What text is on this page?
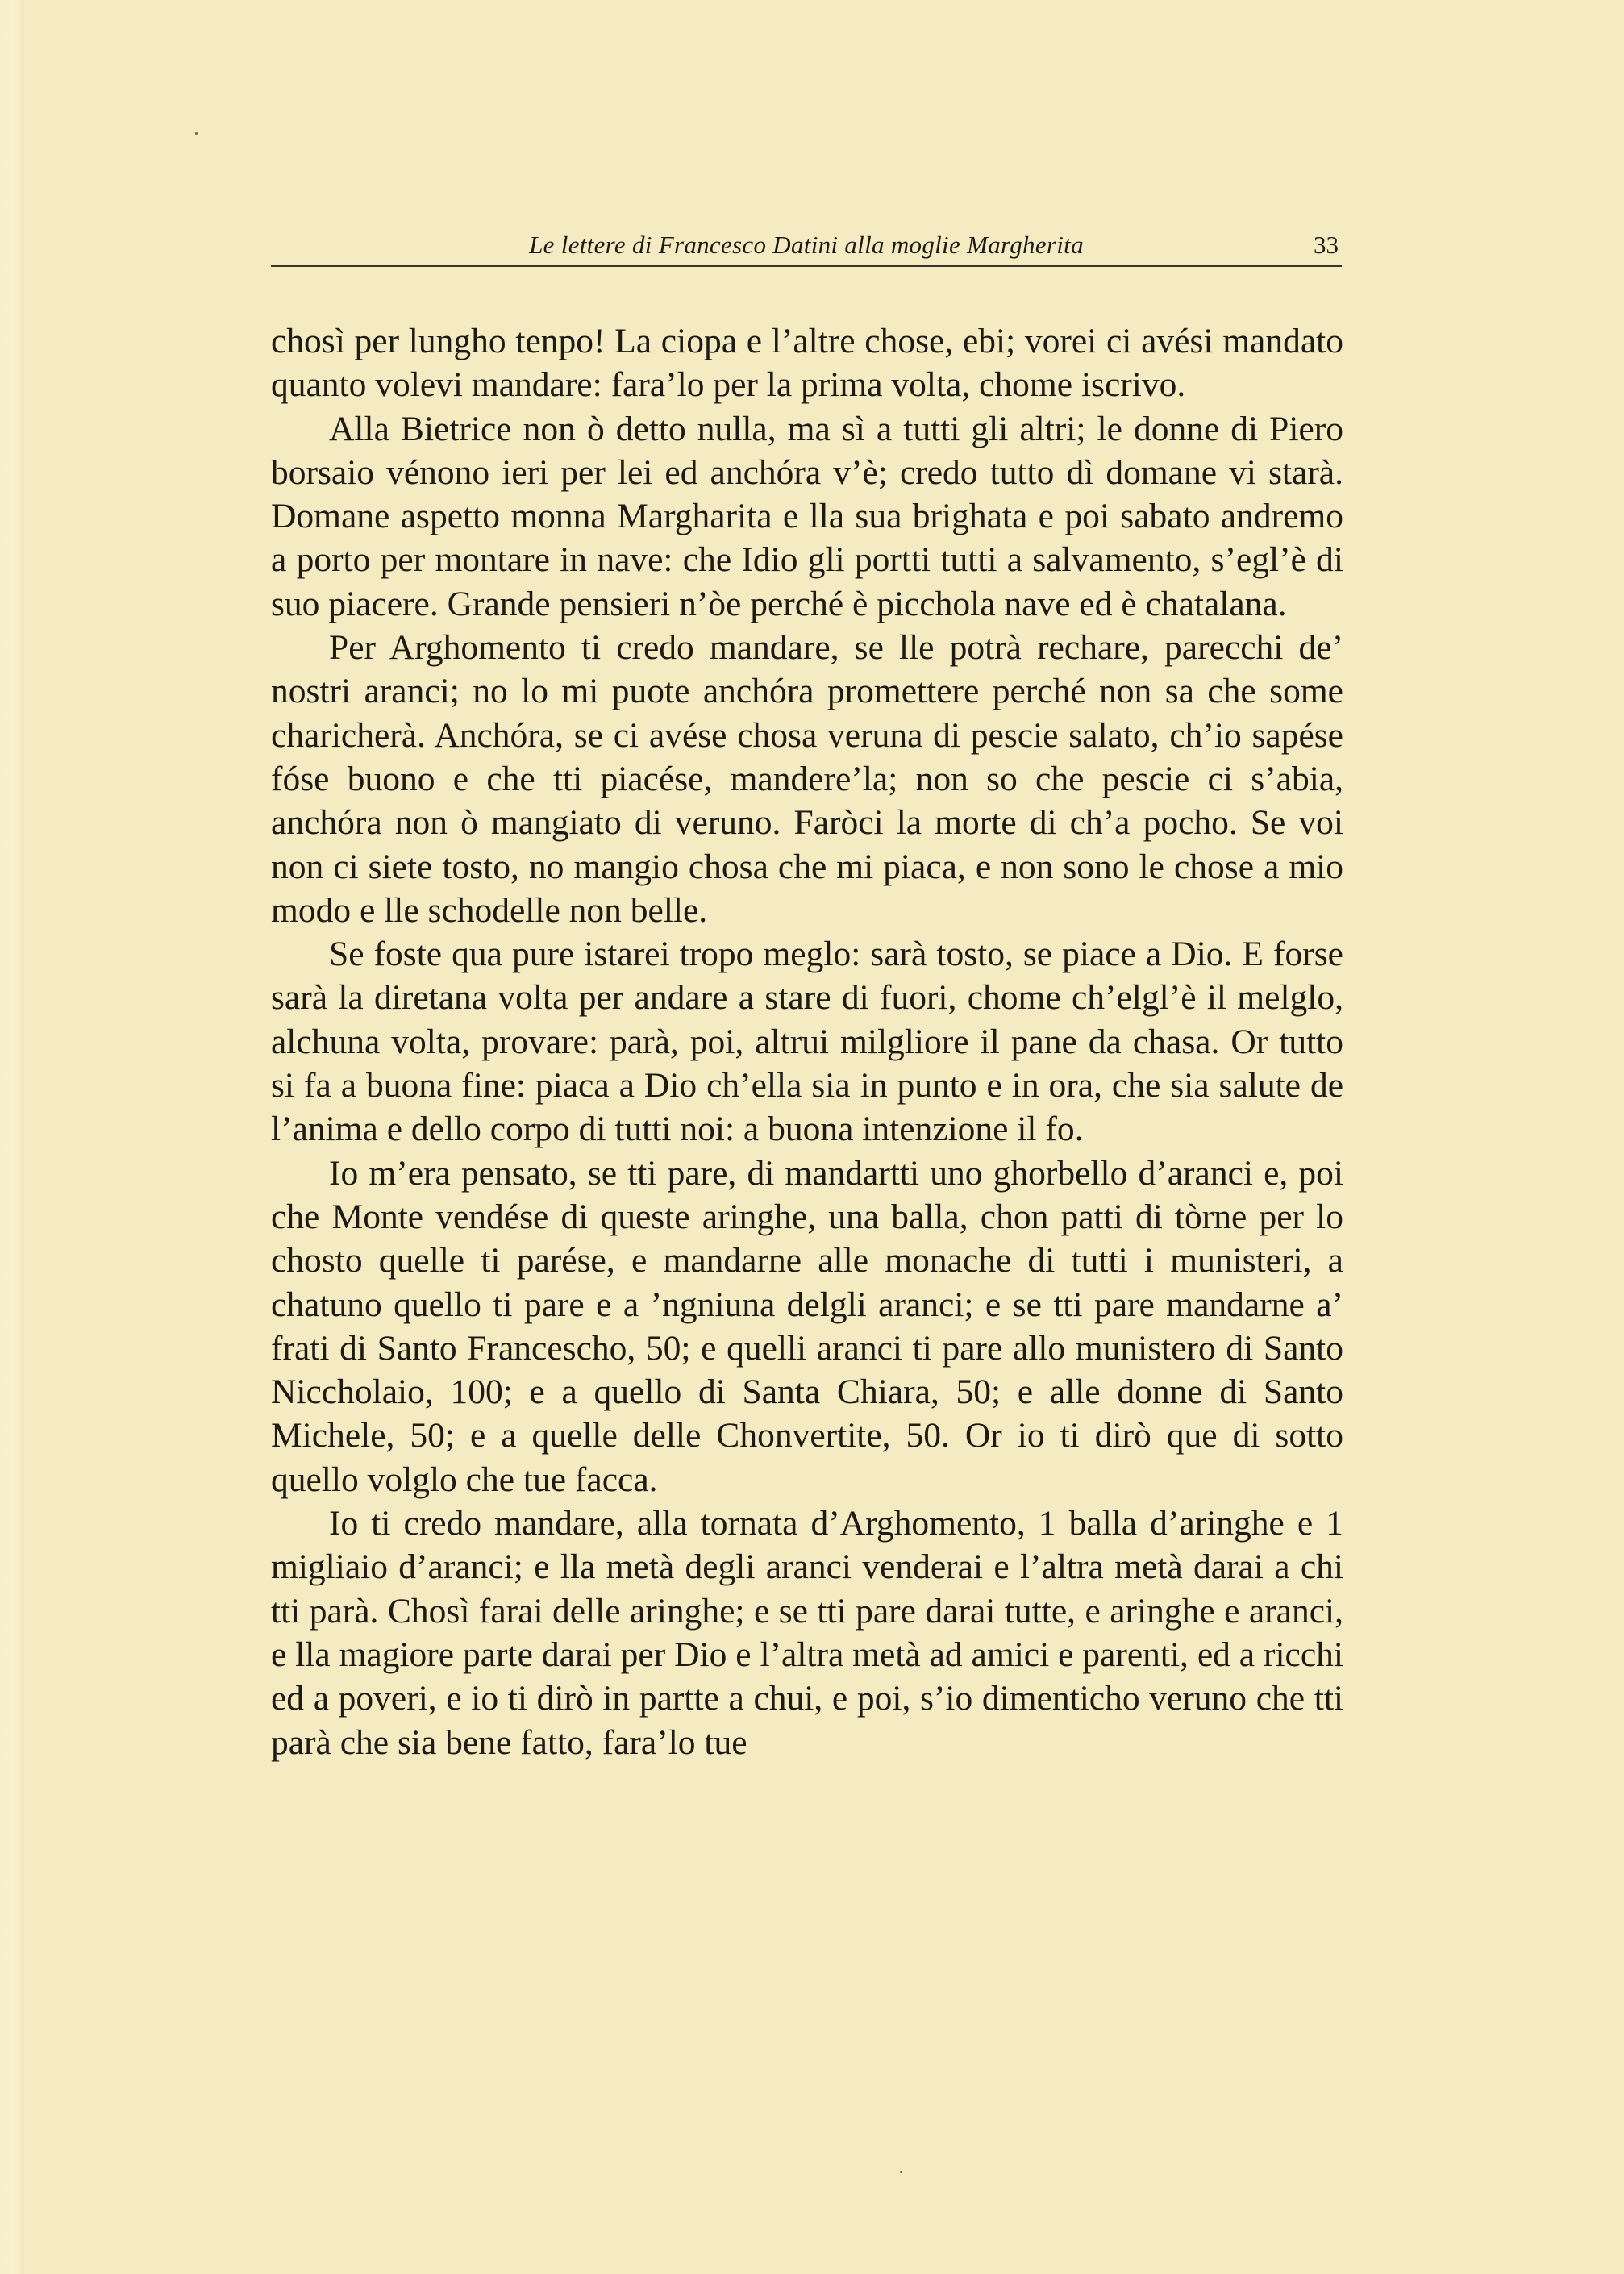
Le lettere di Francesco Datini alla moglie Margherita	33

chosì per lungho tenpo! La ciopa e l’altre chose, ebi; vorei ci avési mandato quanto volevi mandare: fara’lo per la prima volta, chome iscrivo.

Alla Bietrice non ò detto nulla, ma sì a tutti gli altri; le donne di Piero borsaio vénono ieri per lei ed anchóra v’è; credo tutto dì domane vi starà. Domane aspetto monna Margharita e lla sua brighata e poi sabato andremo a porto per montare in nave: che Idio gli portti tutti a salvamento, s’egl’è di suo piacere. Grande pensieri n’òe perché è picchola nave ed è chatalana.

Per Arghomento ti credo mandare, se lle potrà rechare, parecchi de’ nostri aranci; no lo mi puote anchóra promettere perché non sa che some charicherà. Anchóra, se ci avése chosa veruna di pescie salato, ch’io sapése fóse buono e che tti piacése, mandere’la; non so che pescie ci s’abia, anchóra non ò mangiato di veruno. Faròci la morte di ch’a pocho. Se voi non ci siete tosto, no mangio chosa che mi piaca, e non sono le chose a mio modo e lle schodelle non belle.

Se foste qua pure istarei tropo meglo: sarà tosto, se piace a Dio. E forse sarà la diretana volta per andare a stare di fuori, chome ch’elgl’è il melglo, alchuna volta, provare: parà, poi, altrui milgliore il pane da chasa. Or tutto si fa a buona fine: piaca a Dio ch’ella sia in punto e in ora, che sia salute de l’anima e dello corpo di tutti noi: a buona intenzione il fo.

Io m’era pensato, se tti pare, di mandartti uno ghorbello d’aranci e, poi che Monte vendése di queste aringhe, una balla, chon patti di tòrne per lo chosto quelle ti parése, e mandarne alle monache di tutti i munisteri, a chatuno quello ti pare e a ’ngniuna delgli aranci; e se tti pare mandarne a’ frati di Santo Francescho, 50; e quelli aranci ti pare allo munistero di Santo Niccholaio, 100; e a quello di Santa Chiara, 50; e alle donne di Santo Michele, 50; e a quelle delle Chonvertite, 50. Or io ti dirò que di sotto quello volglo che tue facca.

Io ti credo mandare, alla tornata d’Arghomento, 1 balla d’aringhe e 1 migliaio d’aranci; e lla metà degli aranci venderai e l’altra metà darai a chi tti parà. Chosì farai delle aringhe; e se tti pare darai tutte, e aringhe e aranci, e lla magiore parte darai per Dio e l’altra metà ad amici e parenti, ed a ricchi ed a poveri, e io ti dirò in partte a chui, e poi, s’io dimenticho veruno che tti parà che sia bene fatto, fara’lo tue
